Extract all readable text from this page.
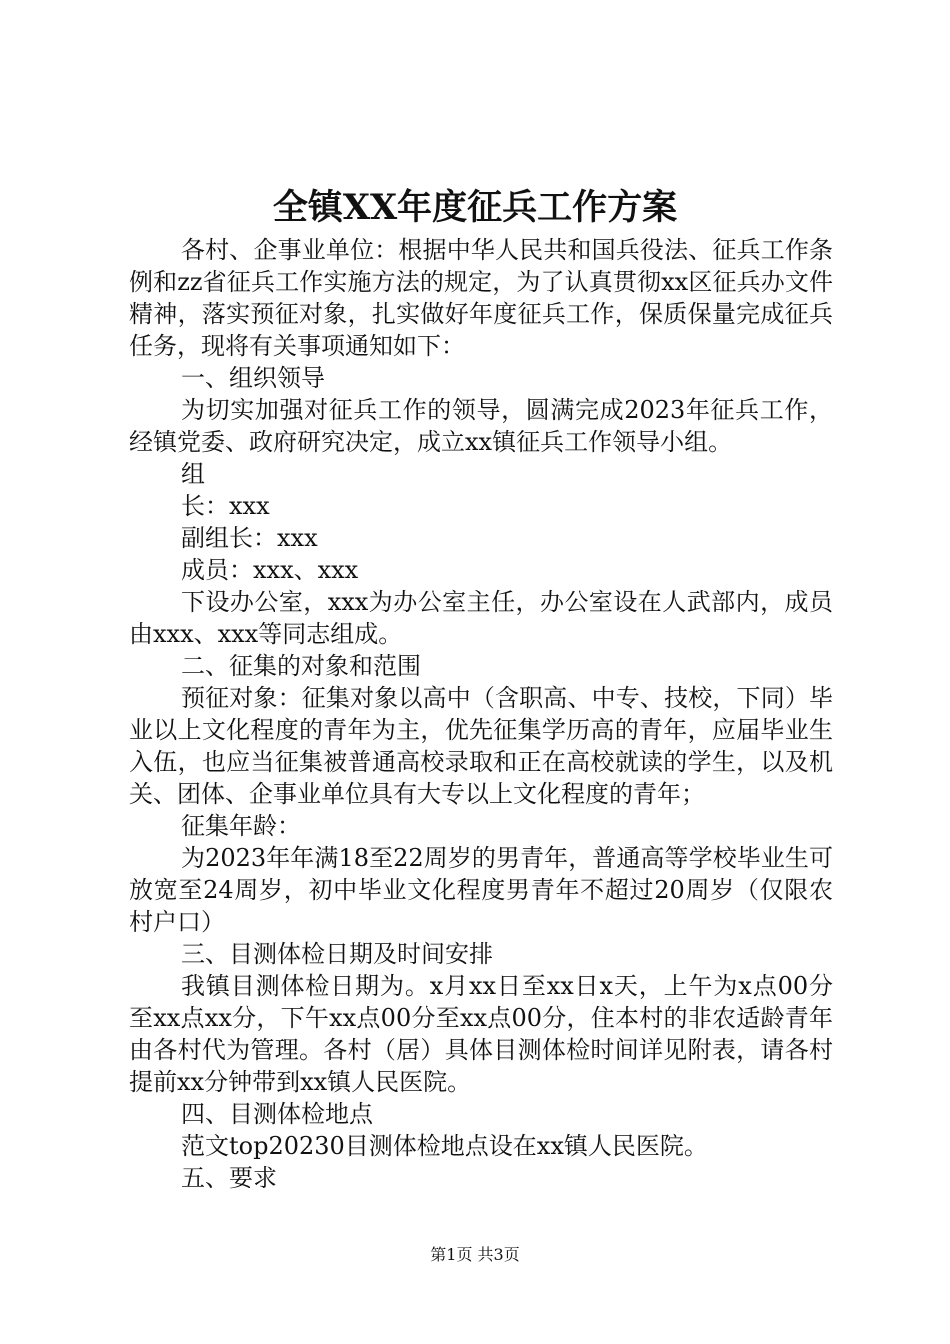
全镇XX年度征兵工作方案

各村、企事业单位：根据中华人民共和国兵役法、征兵工作条例和zz省征兵工作实施方法的规定，为了认真贯彻xx区征兵办文件精神，落实预征对象，扎实做好年度征兵工作，保质保量完成征兵任务，现将有关事项通知如下：

一、组织领导

为切实加强对征兵工作的领导，圆满完成2023年征兵工作，经镇党委、政府研究决定，成立xx镇征兵工作领导小组。

组

长：xxx

副组长：xxx

成员：xxx、xxx

下设办公室，xxx为办公室主任，办公室设在人武部内，成员由xxx、xxx等同志组成。

二、征集的对象和范围

预征对象：征集对象以高中（含职高、中专、技校，下同）毕业以上文化程度的青年为主，优先征集学历高的青年，应届毕业生入伍，也应当征集被普通高校录取和正在高校就读的学生，以及机关、团体、企事业单位具有大专以上文化程度的青年；

征集年龄：

为2023年年满18至22周岁的男青年，普通高等学校毕业生可放宽至24周岁，初中毕业文化程度男青年不超过20周岁（仅限农村户口）

三、目测体检日期及时间安排

我镇目测体检日期为。x月xx日至xx日x天，上午为x点00分至xx点xx分，下午xx点00分至xx点00分，住本村的非农适龄青年由各村代为管理。各村（居）具体目测体检时间详见附表，请各村提前xx分钟带到xx镇人民医院。

四、目测体检地点

范文top20230目测体检地点设在xx镇人民医院。

五、要求

第1页 共3页
